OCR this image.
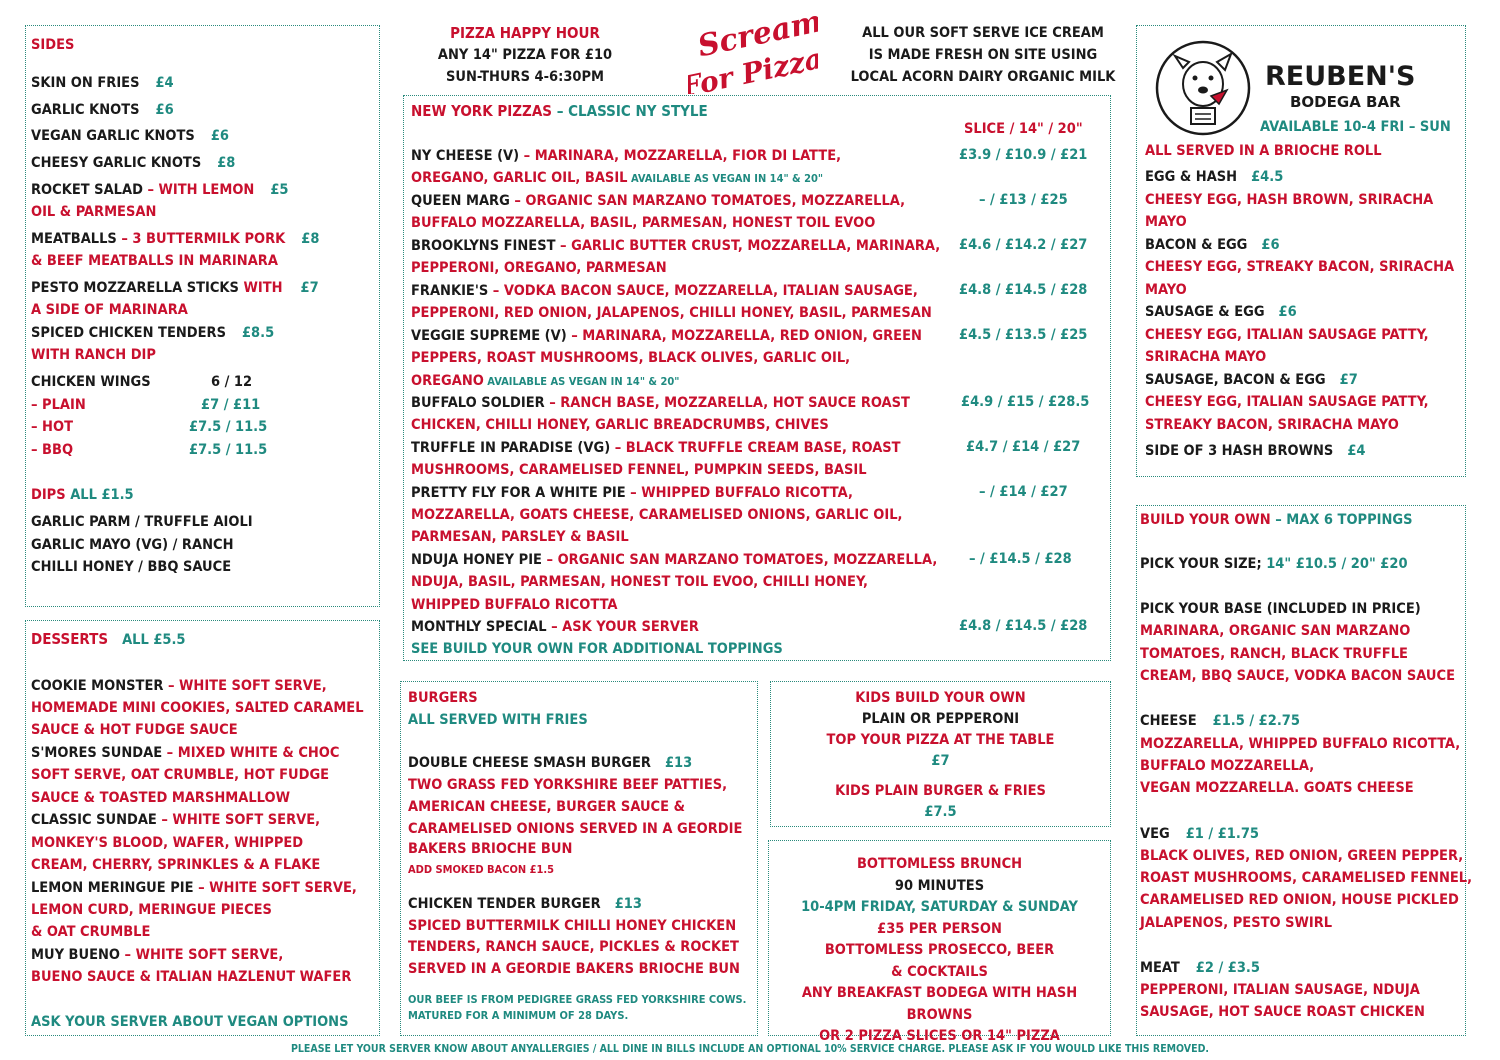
PIZZA HAPPY HOUR
ANY 14" PIZZA FOR £10
SUN-THURS 4-6:30PM
I Scream
For Pizza
ALL OUR SOFT SERVE ICE CREAM
IS MADE FRESH ON SITE USING
LOCAL ACORN DAIRY ORGANIC MILK
SIDES
SKIN ON FRIES £4
GARLIC KNOTS £6
VEGAN GARLIC KNOTS £6
CHEESY GARLIC KNOTS £8
ROCKET SALAD – WITH LEMON £5
OIL & PARMESAN
MEATBALLS – 3 BUTTERMILK PORK £8
& BEEF MEATBALLS IN MARINARA
PESTO MOZZARELLA STICKS WITH £7
A SIDE OF MARINARA
SPICED CHICKEN TENDERS £8.5
WITH RANCH DIP
CHICKEN WINGS	6 / 12
– PLAIN	£7 / £11
– HOT	£7.5 / 11.5
– BBQ	£7.5 / 11.5
DIPS ALL £1.5
GARLIC PARM / TRUFFLE AIOLI
GARLIC MAYO (VG) / RANCH
CHILLI HONEY / BBQ SAUCE
DESSERTS ALL £5.5
COOKIE MONSTER – WHITE SOFT SERVE,
HOMEMADE MINI COOKIES, SALTED CARAMEL
SAUCE & HOT FUDGE SAUCE
S'MORES SUNDAE – MIXED WHITE & CHOC
SOFT SERVE, OAT CRUMBLE, HOT FUDGE
SAUCE & TOASTED MARSHMALLOW
CLASSIC SUNDAE – WHITE SOFT SERVE,
MONKEY'S BLOOD, WAFER, WHIPPED
CREAM, CHERRY, SPRINKLES & A FLAKE
LEMON MERINGUE PIE – WHITE SOFT SERVE,
LEMON CURD, MERINGUE PIECES
& OAT CRUMBLE
MUY BUENO – WHITE SOFT SERVE,
BUENO SAUCE & ITALIAN HAZLENUT WAFER
ASK YOUR SERVER ABOUT VEGAN OPTIONS
NEW YORK PIZZAS – CLASSIC NY STYLE
SLICE / 14" / 20"
NY CHEESE (V) – MARINARA, MOZZARELLA, FIOR DI LATTE,	£3.9 / £10.9 / £21
OREGANO, GARLIC OIL, BASIL AVAILABLE AS VEGAN IN 14" & 20"
QUEEN MARG – ORGANIC SAN MARZANO TOMATOES, MOZZARELLA,	– / £13 / £25
BUFFALO MOZZARELLA, BASIL, PARMESAN, HONEST TOIL EVOO
BROOKLYNS FINEST – GARLIC BUTTER CRUST, MOZZARELLA, MARINARA, £4.6 / £14.2 / £27
PEPPERONI, OREGANO, PARMESAN
FRANKIE'S – VODKA BACON SAUCE, MOZZARELLA, ITALIAN SAUSAGE,	£4.8 / £14.5 / £28
PEPPERONI, RED ONION, JALAPENOS, CHILLI HONEY, BASIL, PARMESAN
VEGGIE SUPREME (V) – MARINARA, MOZZARELLA, RED ONION, GREEN	£4.5 / £13.5 / £25
PEPPERS, ROAST MUSHROOMS, BLACK OLIVES, GARLIC OIL,
OREGANO AVAILABLE AS VEGAN IN 14" & 20"
BUFFALO SOLDIER – RANCH BASE, MOZZARELLA, HOT SAUCE ROAST	£4.9 / £15 / £28.5
CHICKEN, CHILLI HONEY, GARLIC BREADCRUMBS, CHIVES
TRUFFLE IN PARADISE (VG) – BLACK TRUFFLE CREAM BASE, ROAST	£4.7 / £14 / £27
MUSHROOMS, CARAMELISED FENNEL, PUMPKIN SEEDS, BASIL
PRETTY FLY FOR A WHITE PIE – WHIPPED BUFFALO RICOTTA,	– / £14 / £27
MOZZARELLA, GOATS CHEESE, CARAMELISED ONIONS, GARLIC OIL,
PARMESAN, PARSLEY & BASIL
NDUJA HONEY PIE – ORGANIC SAN MARZANO TOMATOES, MOZZARELLA, – / £14.5 / £28
NDUJA, BASIL, PARMESAN, HONEST TOIL EVOO, CHILLI HONEY,
WHIPPED BUFFALO RICOTTA
MONTHLY SPECIAL – ASK YOUR SERVER	£4.8 / £14.5 / £28
SEE BUILD YOUR OWN FOR ADDITIONAL TOPPINGS
BURGERS
ALL SERVED WITH FRIES
DOUBLE CHEESE SMASH BURGER £13
TWO GRASS FED YORKSHIRE BEEF PATTIES,
AMERICAN CHEESE, BURGER SAUCE &
CARAMELISED ONIONS SERVED IN A GEORDIE
BAKERS BRIOCHE BUN
ADD SMOKED BACON £1.5
CHICKEN TENDER BURGER £13
SPICED BUTTERMILK CHILLI HONEY CHICKEN
TENDERS, RANCH SAUCE, PICKLES & ROCKET
SERVED IN A GEORDIE BAKERS BRIOCHE BUN
OUR BEEF IS FROM PEDIGREE GRASS FED YORKSHIRE COWS.
MATURED FOR A MINIMUM OF 28 DAYS.
KIDS BUILD YOUR OWN
PLAIN OR PEPPERONI
TOP YOUR PIZZA AT THE TABLE
£7
KIDS PLAIN BURGER & FRIES
£7.5
BOTTOMLESS BRUNCH
90 MINUTES
10-4PM FRIDAY, SATURDAY & SUNDAY
£35 PER PERSON
BOTTOMLESS PROSECCO, BEER
& COCKTAILS
ANY BREAKFAST BODEGA WITH HASH BROWNS
OR 2 PIZZA SLICES OR 14" PIZZA
REUBEN'S
BODEGA BAR
AVAILABLE 10-4 FRI – SUN
ALL SERVED IN A BRIOCHE ROLL
EGG & HASH £4.5
CHEESY EGG, HASH BROWN, SRIRACHA
MAYO
BACON & EGG £6
CHEESY EGG, STREAKY BACON, SRIRACHA
MAYO
SAUSAGE & EGG £6
CHEESY EGG, ITALIAN SAUSAGE PATTY,
SRIRACHA MAYO
SAUSAGE, BACON & EGG £7
CHEESY EGG, ITALIAN SAUSAGE PATTY,
STREAKY BACON, SRIRACHA MAYO
SIDE OF 3 HASH BROWNS £4
BUILD YOUR OWN – MAX 6 TOPPINGS
PICK YOUR SIZE; 14" £10.5 / 20" £20
PICK YOUR BASE (INCLUDED IN PRICE)
MARINARA, ORGANIC SAN MARZANO
TOMATOES, RANCH, BLACK TRUFFLE
CREAM, BBQ SAUCE, VODKA BACON SAUCE
CHEESE £1.5 / £2.75
MOZZARELLA, WHIPPED BUFFALO RICOTTA,
BUFFALO MOZZARELLA,
VEGAN MOZZARELLA. GOATS CHEESE
VEG £1 / £1.75
BLACK OLIVES, RED ONION, GREEN PEPPER,
ROAST MUSHROOMS, CARAMELISED FENNEL,
CARAMELISED RED ONION, HOUSE PICKLED
JALAPENOS, PESTO SWIRL
MEAT £2 / £3.5
PEPPERONI, ITALIAN SAUSAGE, NDUJA
SAUSAGE, HOT SAUCE ROAST CHICKEN
PLEASE LET YOUR SERVER KNOW ABOUT ANYALLERGIES / ALL DINE IN BILLS INCLUDE AN OPTIONAL 10% SERVICE CHARGE. PLEASE ASK IF YOU WOULD LIKE THIS REMOVED.
